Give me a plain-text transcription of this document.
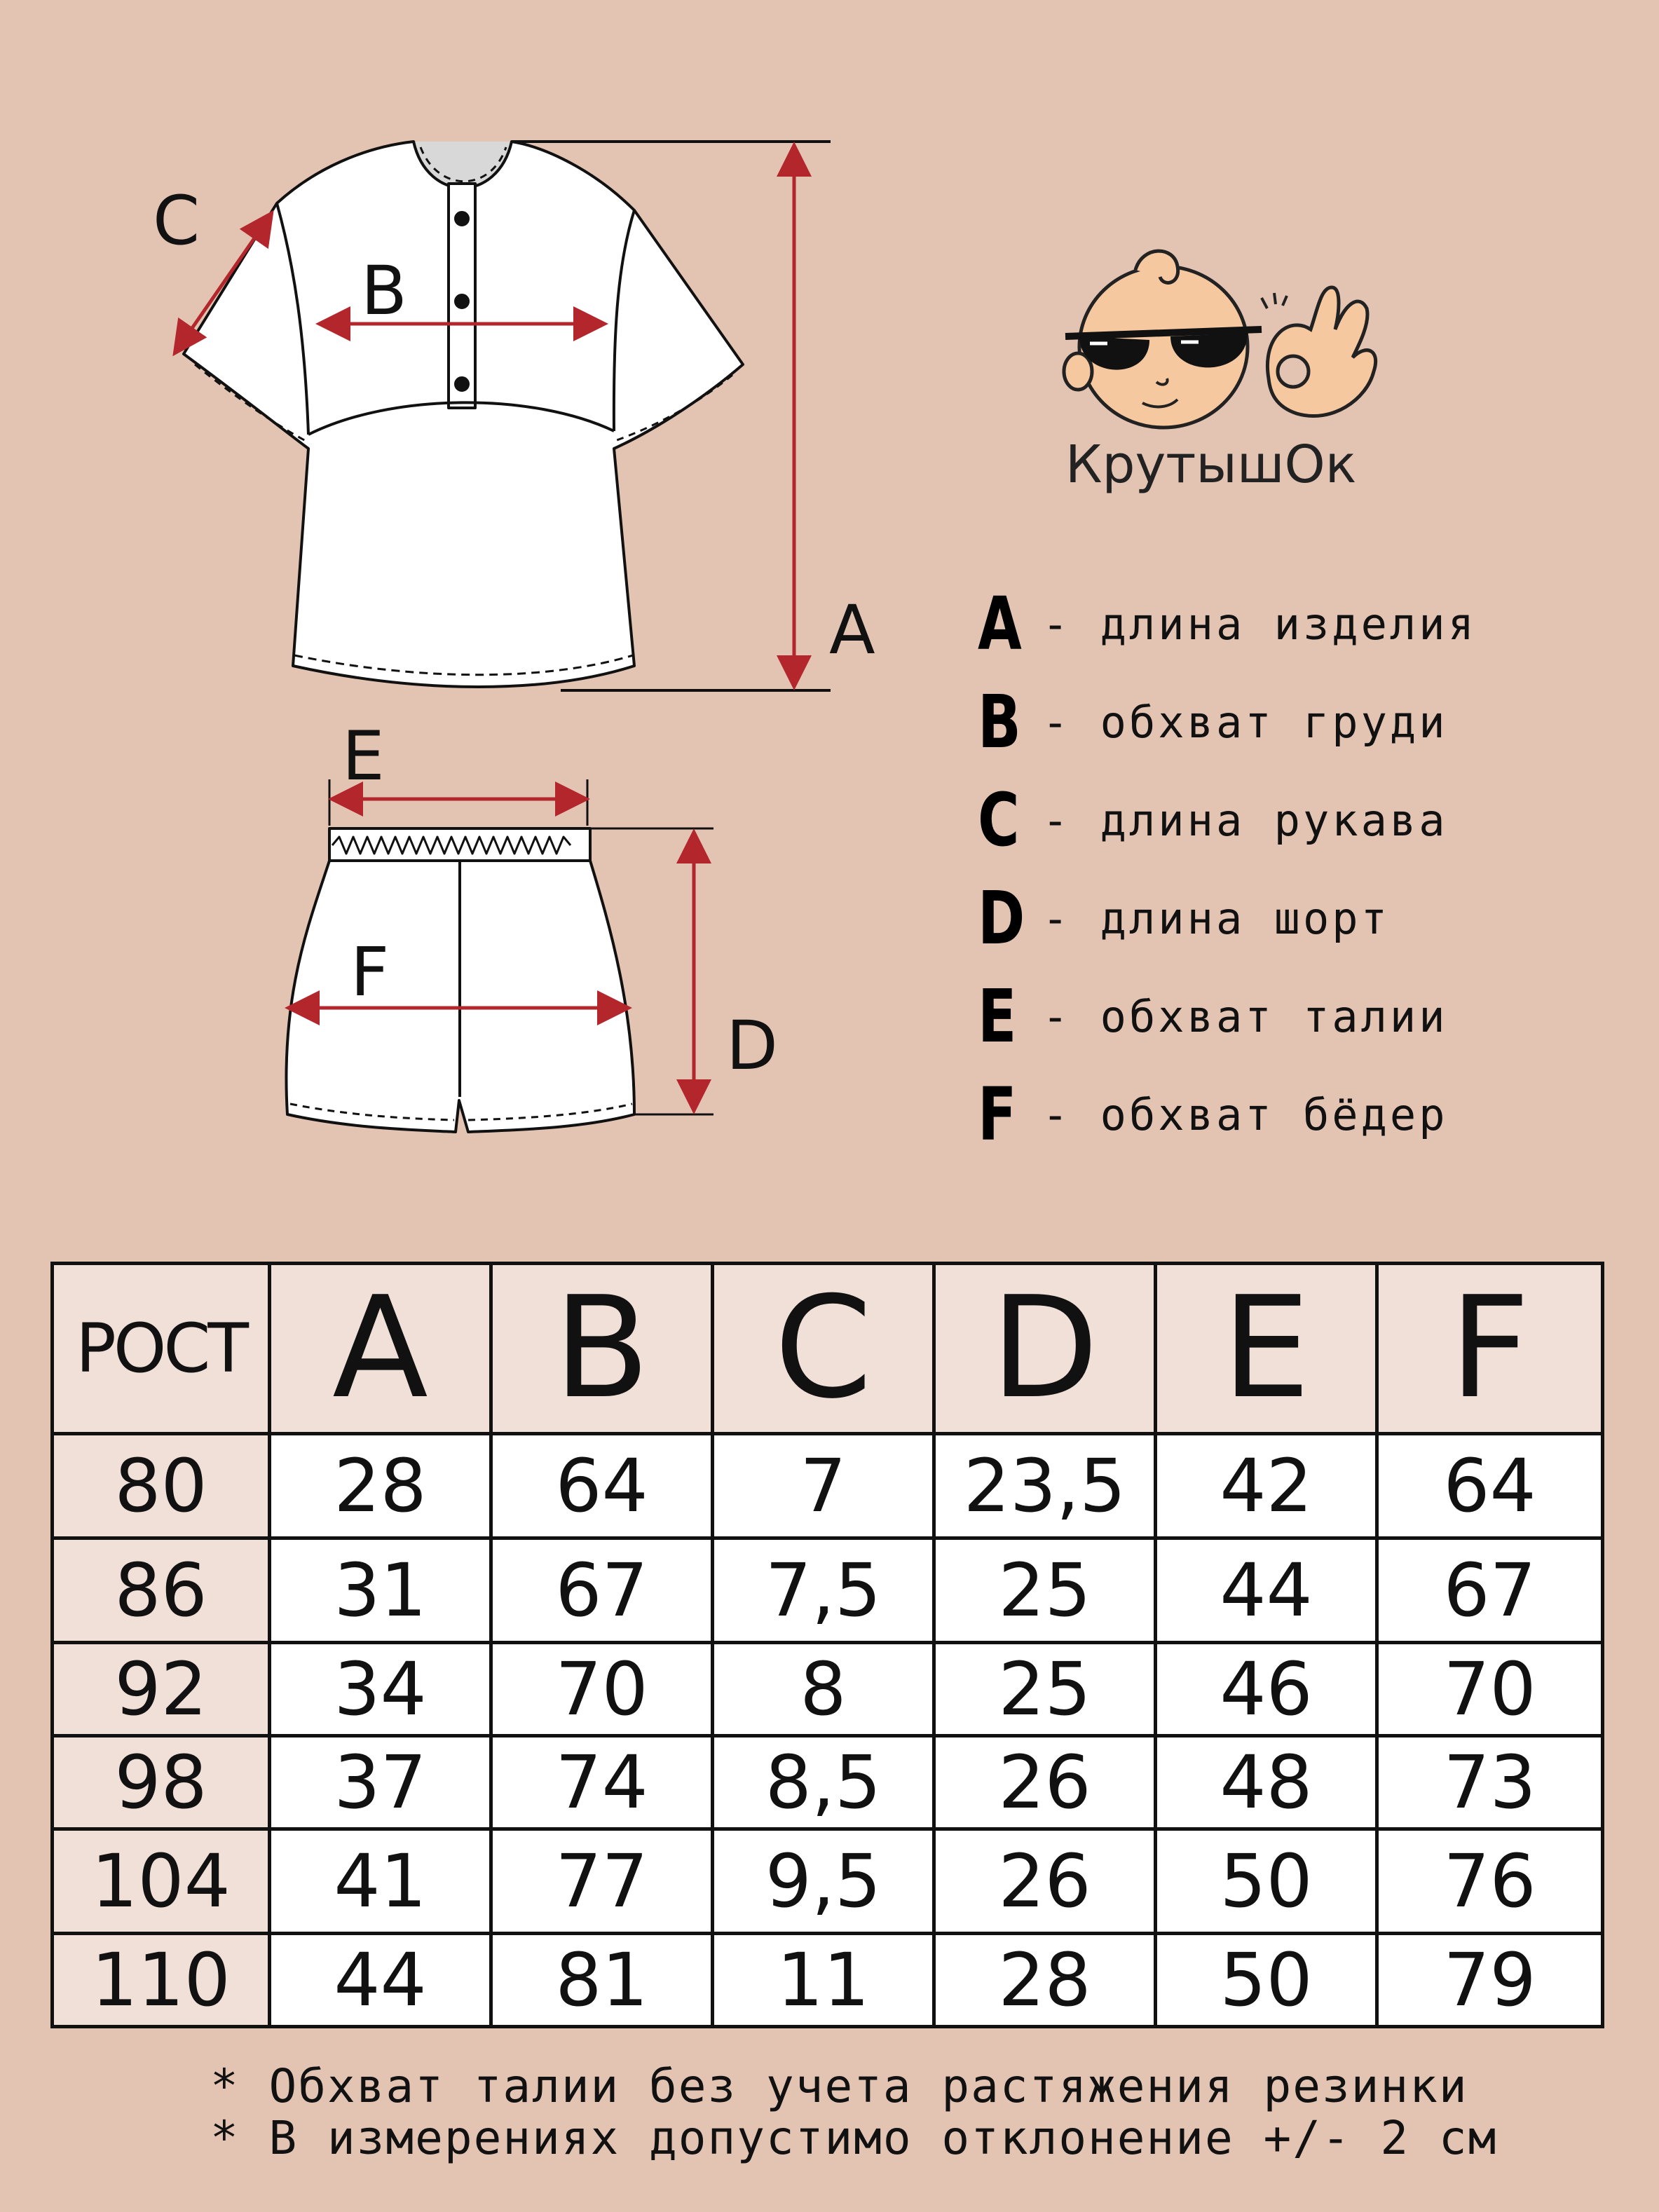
C
B
A
E
F
D
КрутышОк
A - длина изделия
B - обхват груди
C - длина рукава
D - длина шорт
E - обхват талии
F - обхват бёдер
РОСТ	A	B	C	D	E	F
80	28	64	7	23,5	42	64
86	31	67	7,5	25	44	67
92	34	70	8	25	46	70
98	37	74	8,5	26	48	73
104	41	77	9,5	26	50	76
110	44	81	11	28	50	79
* Обхват талии без учета растяжения резинки
* В измерениях допустимо отклонение +/- 2 см
